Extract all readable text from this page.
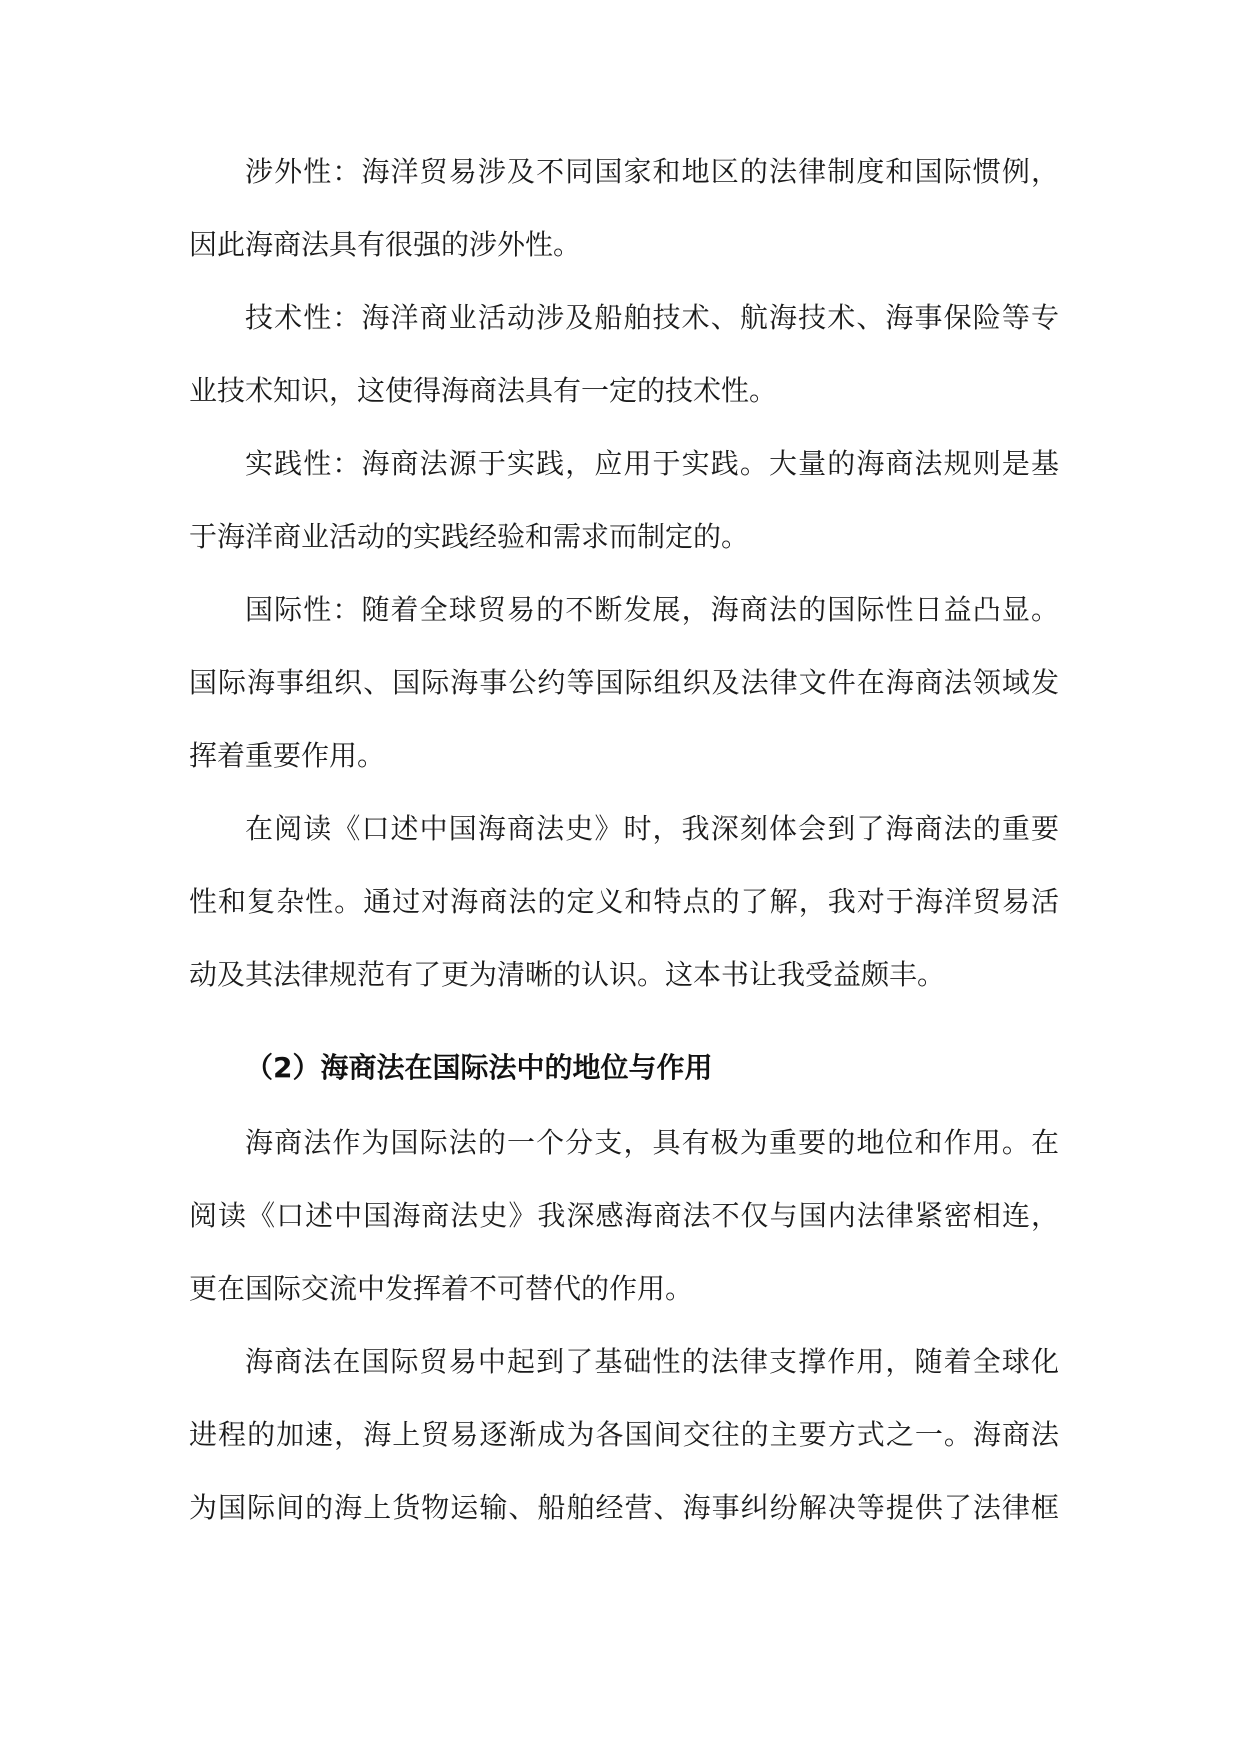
涉外性：海洋贸易涉及不同国家和地区的法律制度和国际惯例，
因此海商法具有很强的涉外性。
技术性：海洋商业活动涉及船舶技术、航海技术、海事保险等专
业技术知识，这使得海商法具有一定的技术性。
实践性：海商法源于实践，应用于实践。大量的海商法规则是基
于海洋商业活动的实践经验和需求而制定的。
国际性：随着全球贸易的不断发展，海商法的国际性日益凸显。
国际海事组织、国际海事公约等国际组织及法律文件在海商法领域发
挥着重要作用。
在阅读《口述中国海商法史》时，我深刻体会到了海商法的重要
性和复杂性。通过对海商法的定义和特点的了解，我对于海洋贸易活
动及其法律规范有了更为清晰的认识。这本书让我受益颇丰。
（2）海商法在国际法中的地位与作用
海商法作为国际法的一个分支，具有极为重要的地位和作用。在
阅读《口述中国海商法史》我深感海商法不仅与国内法律紧密相连，
更在国际交流中发挥着不可替代的作用。
海商法在国际贸易中起到了基础性的法律支撑作用，随着全球化
进程的加速，海上贸易逐渐成为各国间交往的主要方式之一。海商法
为国际间的海上货物运输、船舶经营、海事纠纷解决等提供了法律框
